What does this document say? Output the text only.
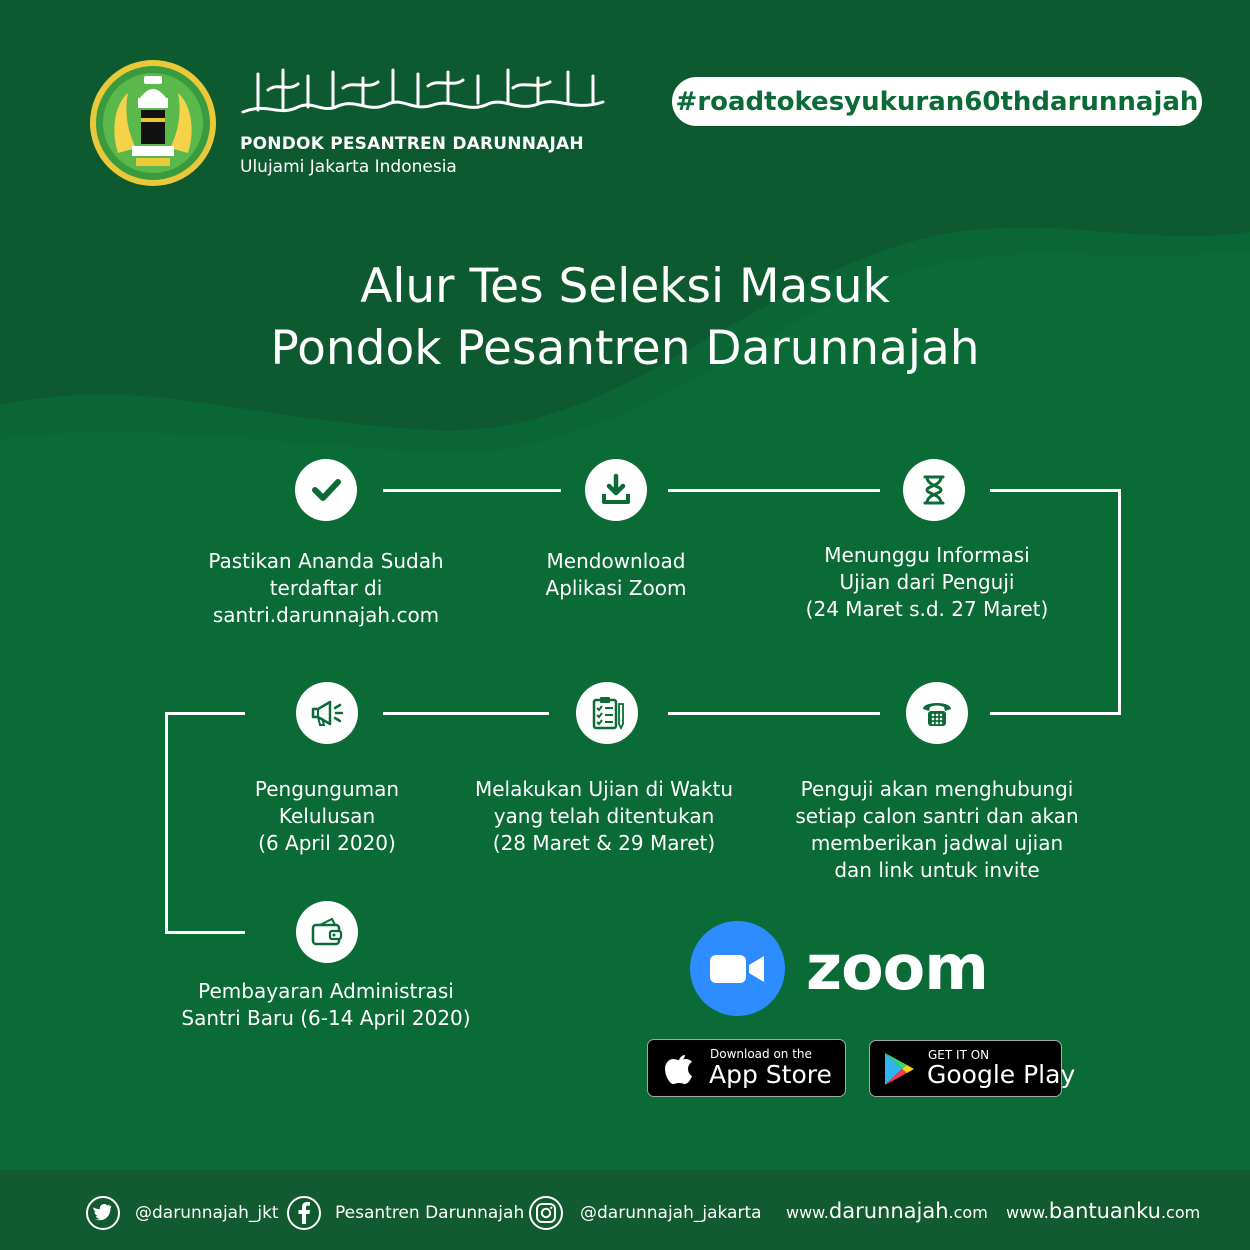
PONDOK PESANTREN DARUNNAJAH
Ulujami Jakarta Indonesia
#roadtokesyukuran60thdarunnajah
Alur Tes Seleksi Masuk
Pondok Pesantren Darunnajah
Pastikan Ananda Sudah
terdaftar di
santri.darunnajah.com
Mendownload
Aplikasi Zoom
Menunggu Informasi
Ujian dari Penguji
(24 Maret s.d. 27 Maret)
Penguji akan menghubungi
setiap calon santri dan akan
memberikan jadwal ujian
dan link untuk invite
Melakukan Ujian di Waktu
yang telah ditentukan
(28 Maret & 29 Maret)
Pengunguman
Kelulusan
(6 April 2020)
Pembayaran Administrasi
Santri Baru (6-14 April 2020)
zoom
Download on the
App Store
GET IT ON
Google Play
@darunnajah_jkt	Pesantren Darunnajah	@darunnajah_jakarta www.darunnajah.com www.bantuanku.com
